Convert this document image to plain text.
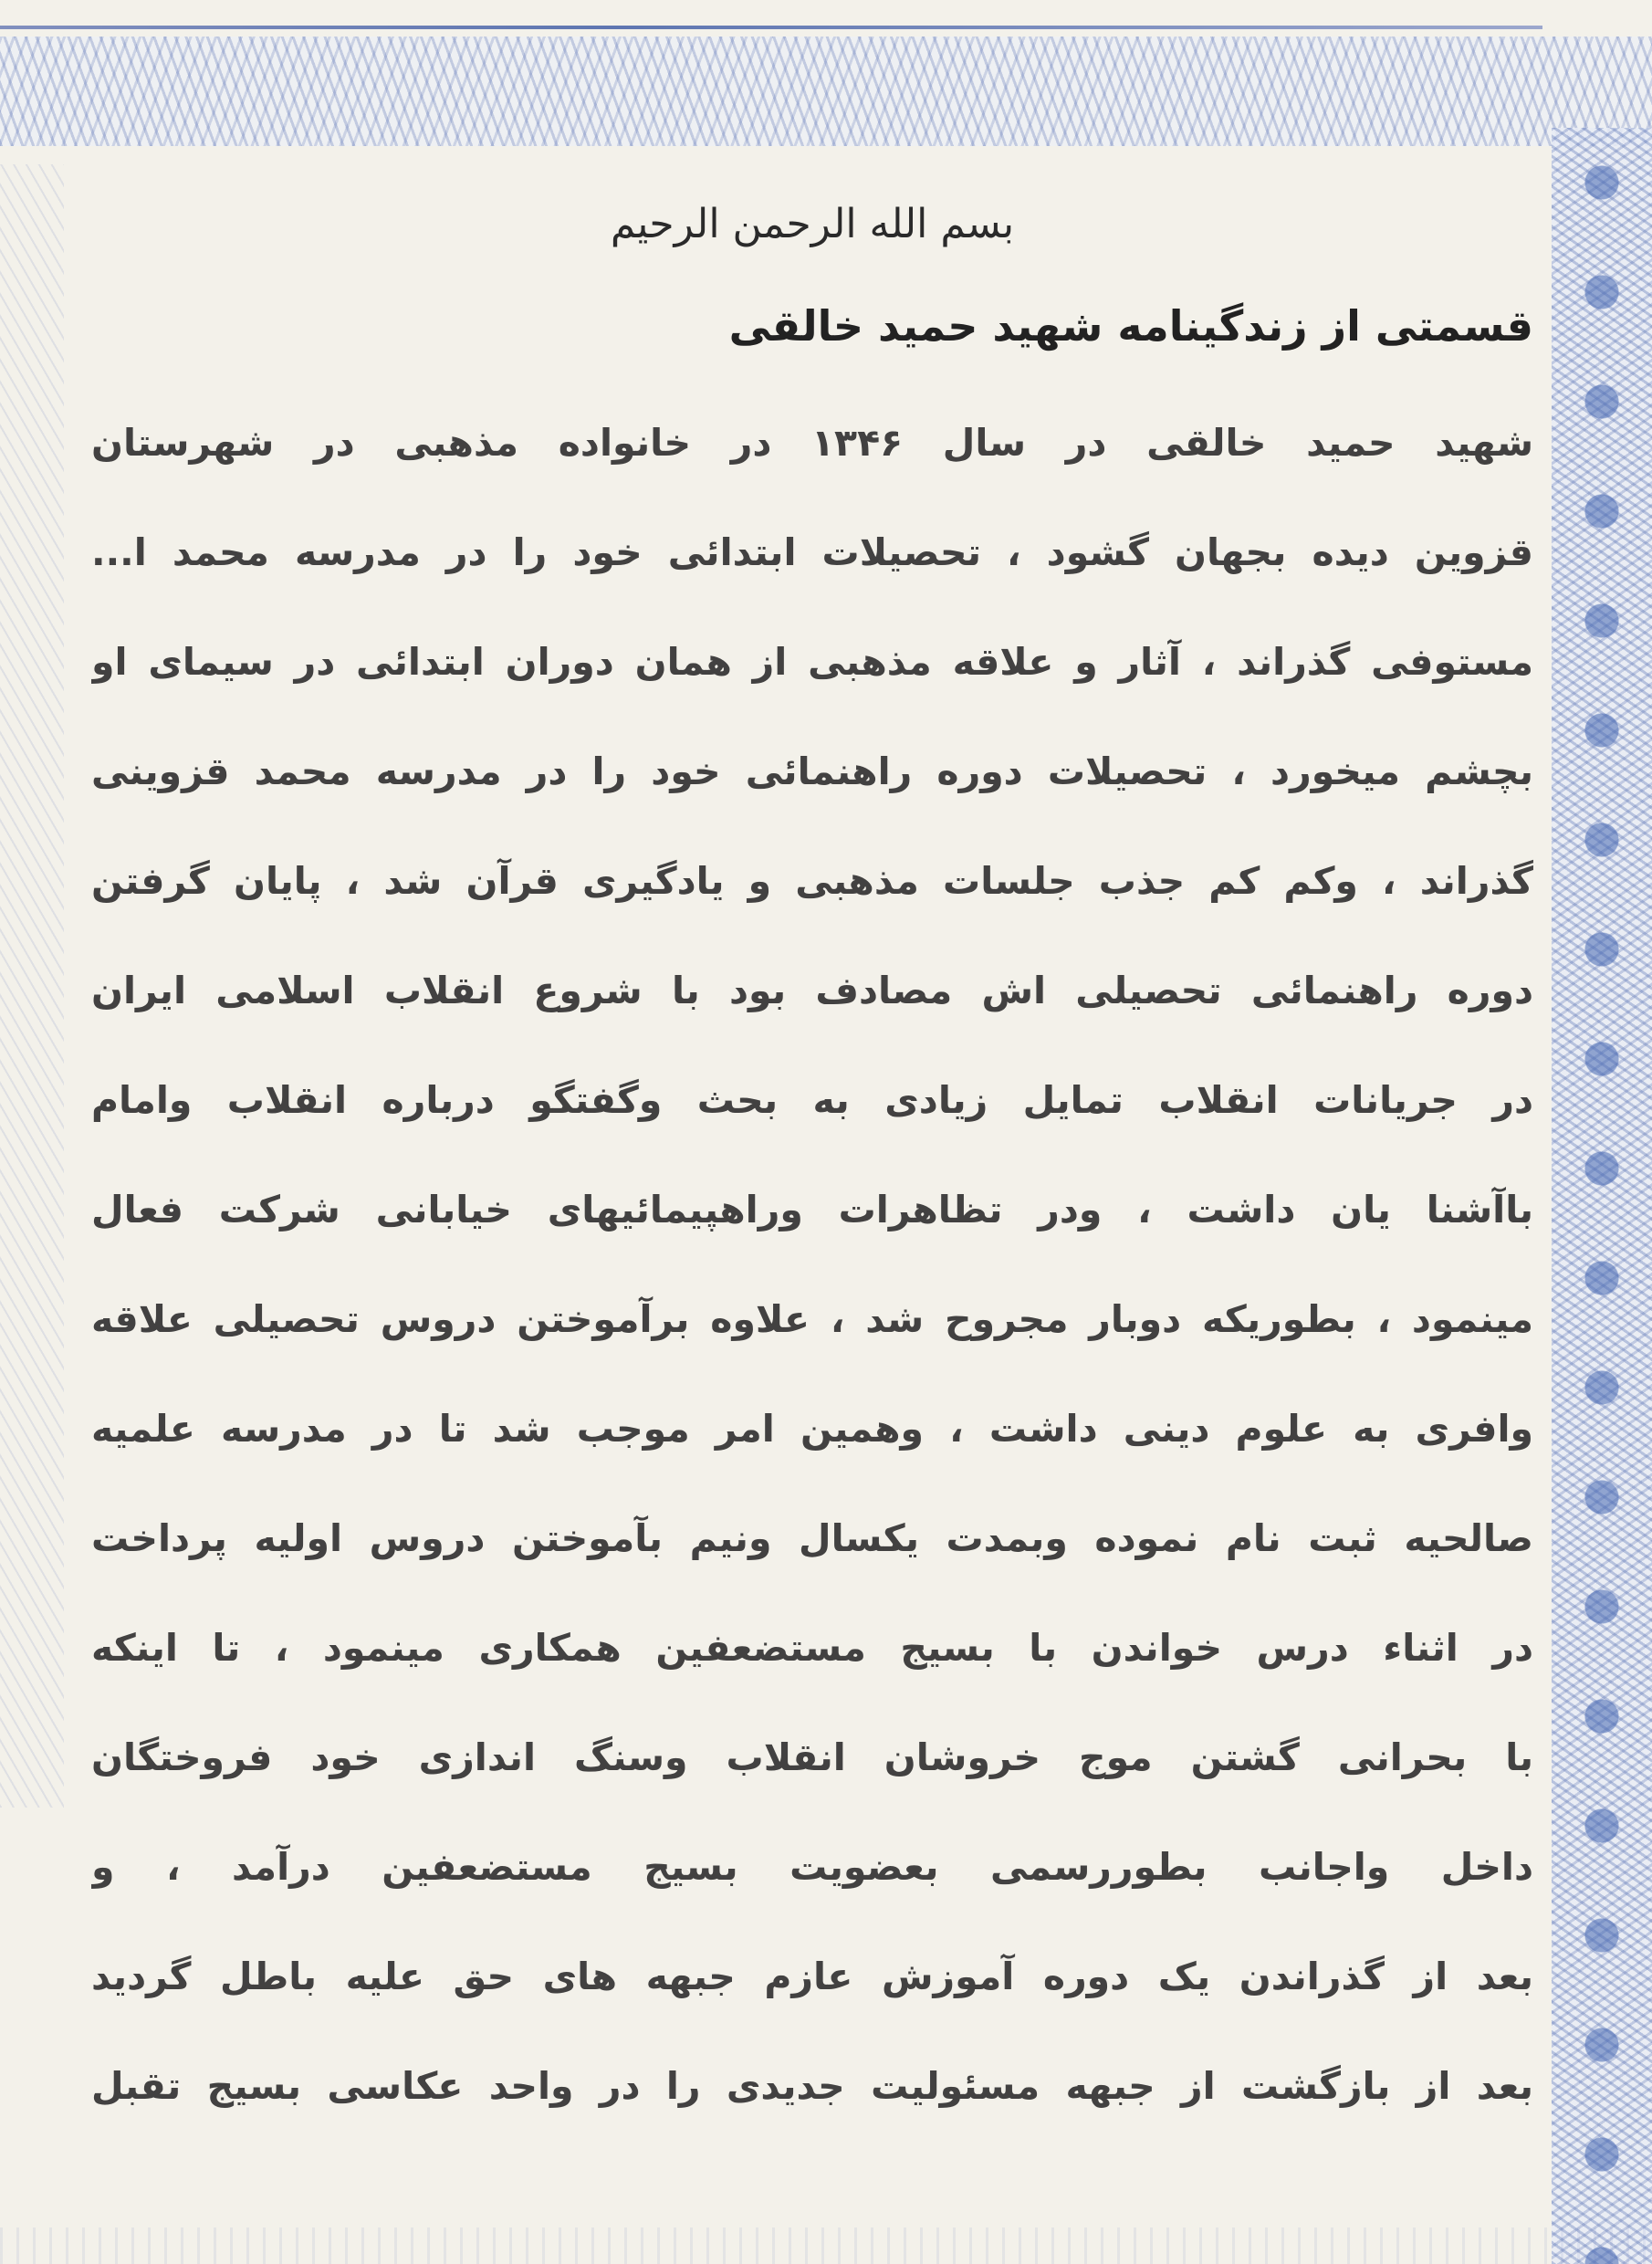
بسم الله الرحمن الرحیم
قسمتی از زندگینامه شهید حمید خالقی
شهید حمید خالقی در سال ۱۳۴۶ در خانواده مذهبی در شهرستان
قزوین دیده بجهان گشود ، تحصیلات ابتدائی خود را در مدرسه محمد ا...
مستوفی گذراند ، آثار و علاقه مذهبی از همان دوران ابتدائی در سیمای او
بچشم میخورد ، تحصیلات دوره راهنمائی خود را در مدرسه محمد قزوینی
گذراند ، وکم کم جذب جلسات مذهبی و یادگیری قرآن شد ، پایان گرفتن
دوره راهنمائی تحصیلی اش مصادف بود با شروع انقلاب اسلامی ایران
در جریانات انقلاب تمایل زیادی به بحث وگفتگو درباره انقلاب وامام
باآشنا یان داشت ، ودر تظاهرات وراهپیمائیهای خیابانی شرکت فعال
مینمود ، بطوریکه دوبار مجروح شد ، علاوه برآموختن دروس تحصیلی علاقه
وافری به علوم دینی داشت ، وهمین امر موجب شد تا در مدرسه علمیه
صالحیه ثبت نام نموده وبمدت یکسال ونیم بآموختن دروس اولیه پرداخت
در اثناء درس خواندن با بسیج مستضعفین همکاری مینمود ، تا اینکه
با بحرانی گشتن موج خروشان انقلاب وسنگ اندازی خود فروختگان
داخل واجانب بطوررسمی بعضویت بسیج مستضعفین درآمد ، و
بعد از گذراندن یک دوره آموزش عازم جبهه های حق علیه باطل گردید
بعد از بازگشت از جبهه مسئولیت جدیدی را در واحد عکاسی بسیج تقبل
